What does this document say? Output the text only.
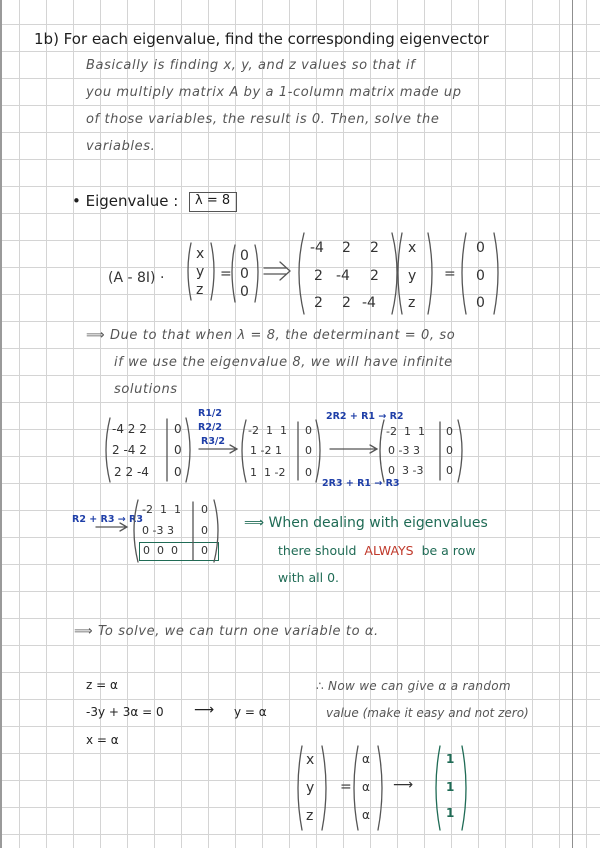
1b) For each eigenvalue, find the corresponding eigenvector
Basically is finding x, y, and z values so that if
you multiply matrix A by a 1-column matrix made up
of those variables, the result is 0. Then, solve the
variables.
• Eigenvalue : λ = 8
(A - 8I) ·
x
y
z
=
0
0
0
-4 2 2
2 -4 2
2 2 -4
x
y
z
=
0
0
0
⟹ Due to that when λ = 8, the determinant = 0, so
if we use the eigenvalue 8, we will have infinite
solutions
-4 2 2
2 -4 2
2 2 -4
0
0
0
R1/2
R2/2
R3/2
-2 1 1
1 -2 1
1 1 -2
0
0
0
2R2 + R1 → R2
2R3 + R1 → R3
-2 1 1
0 -3 3
0 3 -3
0
0
0
R2 + R3 → R3
-2 1 1
0 -3 3
0 0 0
0
0
0
⟹ When dealing with eigenvalues
there should ALWAYS be a row
with all 0.
⟹ To solve, we can turn one variable to α.
z = α
-3y + 3α = 0 ⟶ y = α
x = α
∴ Now we can give α a random
value (make it easy and not zero)
x
y
z
=
α
α
α
⟶
1
1
1
